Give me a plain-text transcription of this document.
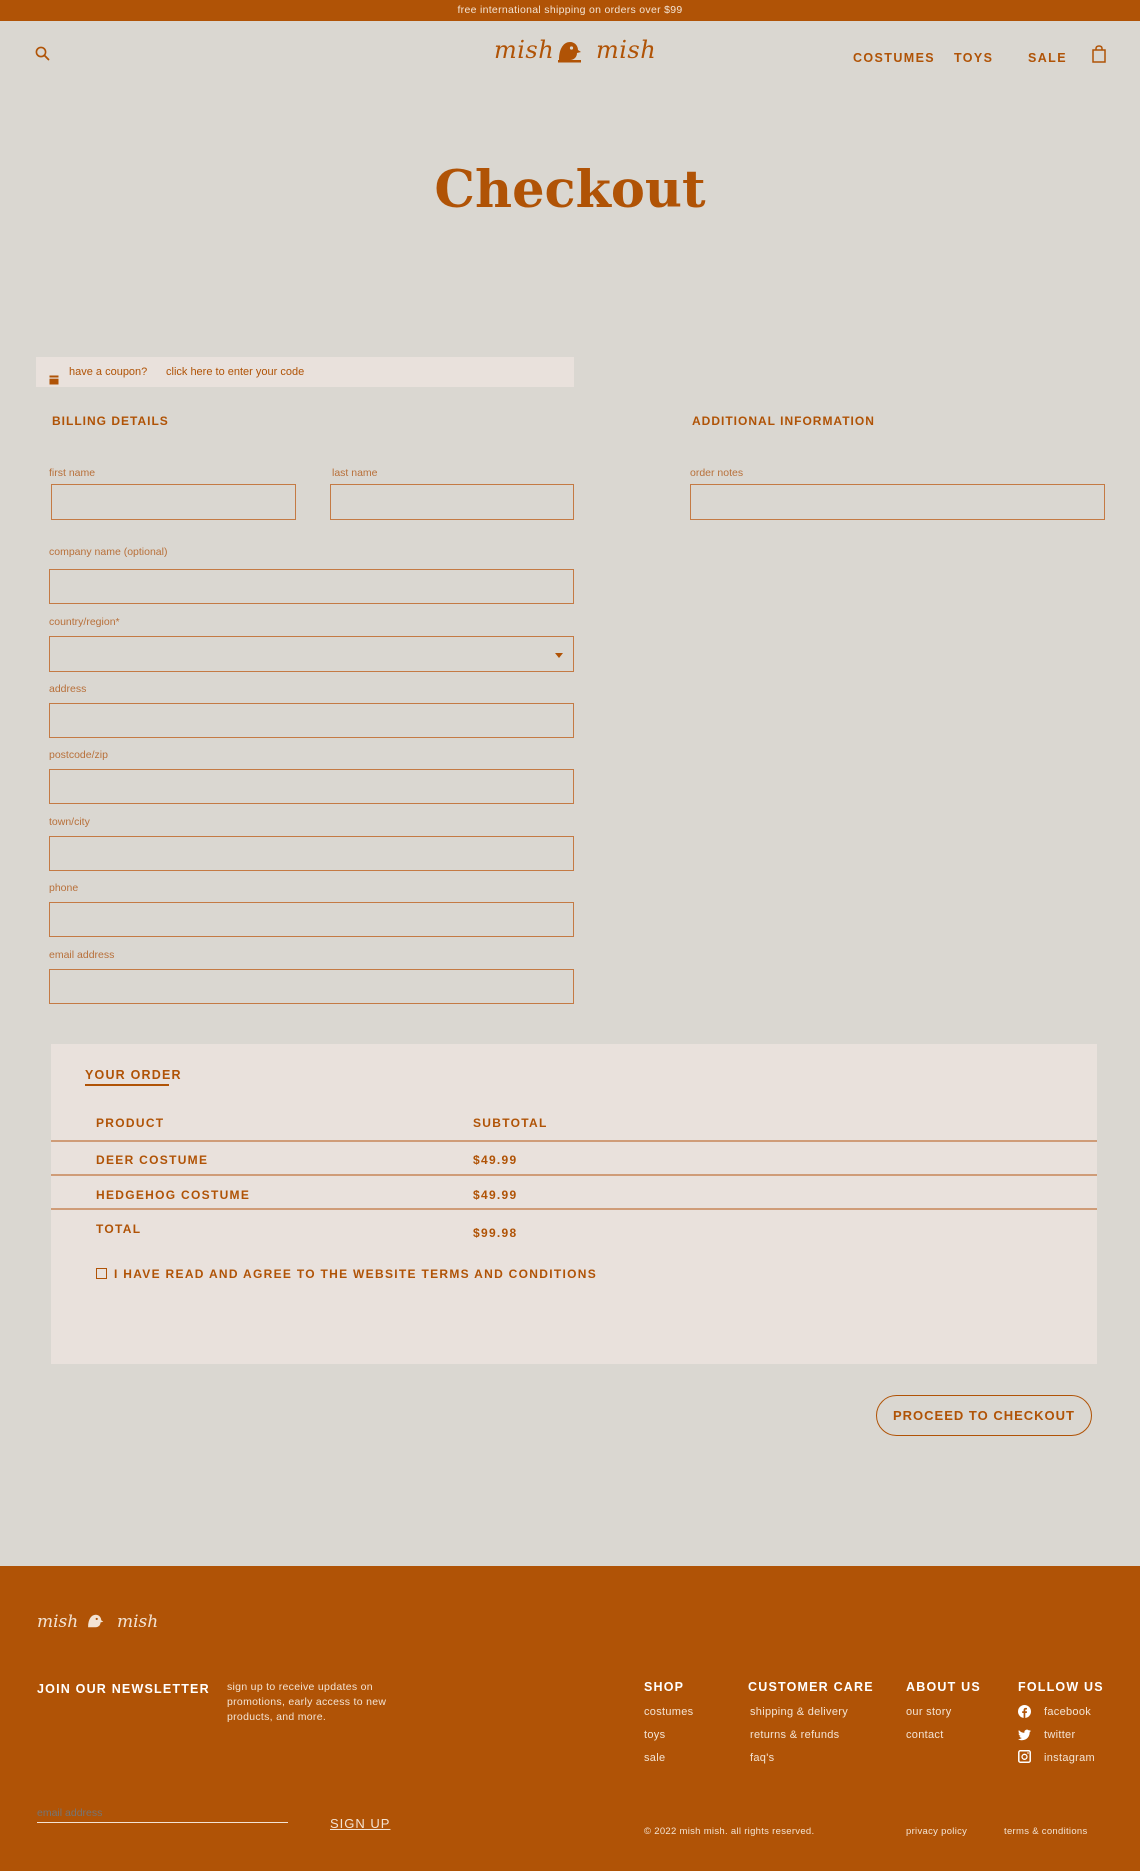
free international shipping on orders over $99
mish mish	COSTUMES TOYS	SALE
Checkout
have a coupon? click here to enter your code
BILLING DETAILS
first name	last name
company name (optional)
country/region*
address
postcode/zip
town/city
phone
email address
ADDITIONAL INFORMATION
order notes
YOUR ORDER
PRODUCT	SUBTOTAL
DEER COSTUME	$49.99
HEDGEHOG COSTUME	$49.99
TOTAL	$99.98
I HAVE READ AND AGREE TO THE WEBSITE TERMS AND CONDITIONS
PROCEED TO CHECKOUT
mish mish
JOIN OUR NEWSLETTER sign up to receive updates on promotions, early access to new products, and more.
email address
SIGN UP
SHOP
costumes
toys
sale
CUSTOMER CARE
shipping & delivery
returns & refunds
faq's
ABOUT US
our story
contact
FOLLOW US
facebook
twitter
instagram
© 2022 mish mish. all rights reserved.	privacy policy	terms & conditions
